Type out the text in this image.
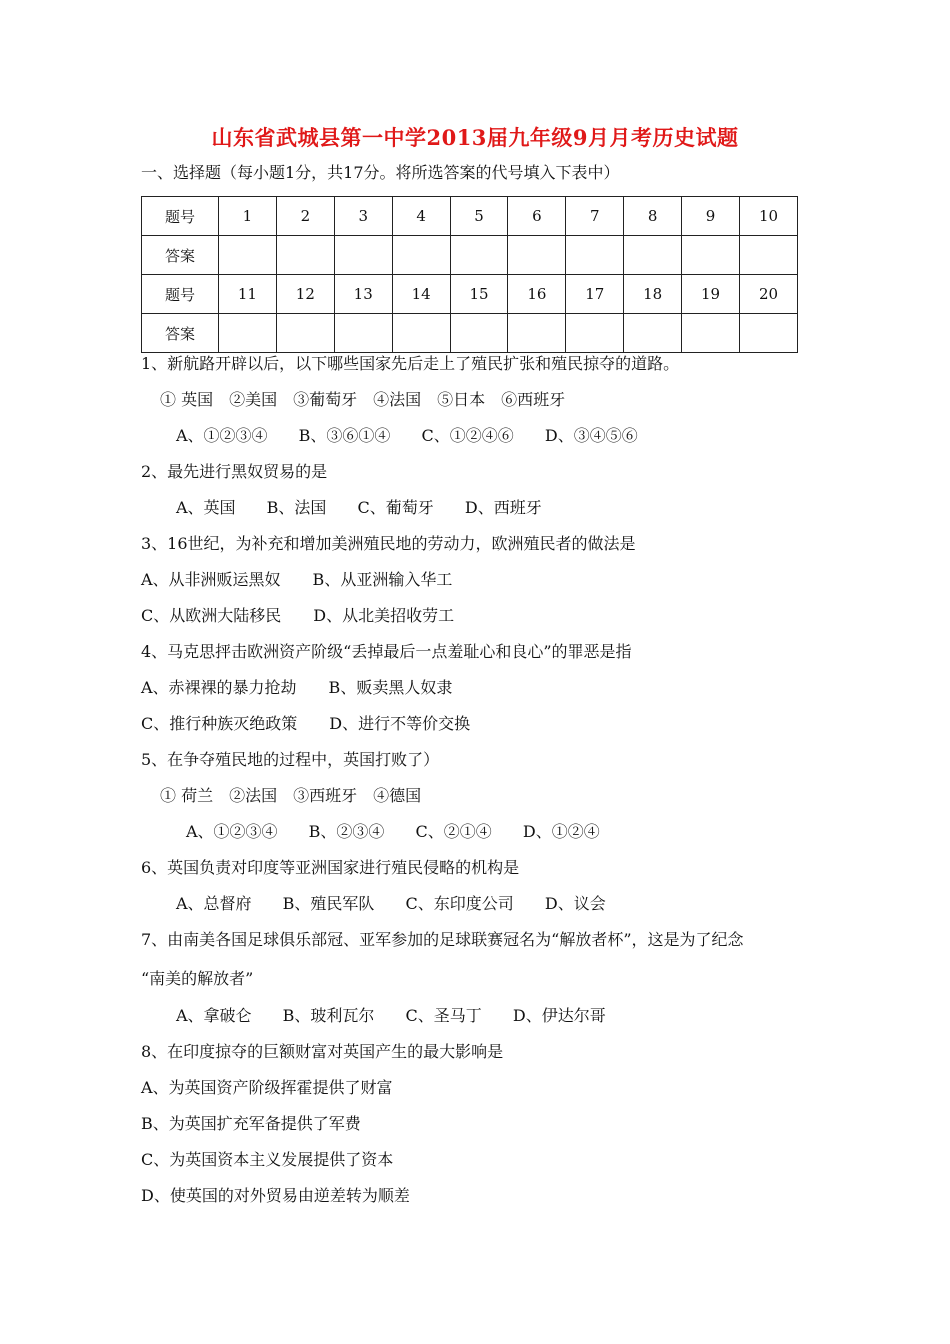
山东省武城县第一中学2013届九年级9月月考历史试题
一、选择题（每小题1分，共17分。将所选答案的代号填入下表中）
题号	1	2	3	4	5	6	7	8	9	10
答案										
题号	11	12	13	14	15	16	17	18	19	20
答案										
1、新航路开辟以后，以下哪些国家先后走上了殖民扩张和殖民掠夺的道路。
① 英国　②美国　③葡萄牙　④法国　⑤日本　⑥西班牙
A、①②③④ B、③⑥①④ C、①②④⑥ D、③④⑤⑥
2、最先进行黑奴贸易的是
A、英国 B、法国 C、葡萄牙 D、西班牙
3、16世纪，为补充和增加美洲殖民地的劳动力，欧洲殖民者的做法是
A、从非洲贩运黑奴　　B、从亚洲输入华工
C、从欧洲大陆移民　　D、从北美招收劳工
4、马克思抨击欧洲资产阶级“丢掉最后一点羞耻心和良心”的罪恶是指
A、赤裸裸的暴力抢劫　　B、贩卖黑人奴隶
C、推行种族灭绝政策　　D、进行不等价交换
5、在争夺殖民地的过程中，英国打败了）
① 荷兰　②法国　③西班牙　④德国
A、①②③④ B、②③④ C、②①④ D、①②④
6、英国负责对印度等亚洲国家进行殖民侵略的机构是
A、总督府 B、殖民军队 C、东印度公司 D、议会
7、由南美各国足球俱乐部冠、亚军参加的足球联赛冠名为“解放者杯”，这是为了纪念
“南美的解放者”
A、拿破仑 B、玻利瓦尔 C、圣马丁 D、伊达尔哥
8、在印度掠夺的巨额财富对英国产生的最大影响是
A、为英国资产阶级挥霍提供了财富
B、为英国扩充军备提供了军费
C、为英国资本主义发展提供了资本
D、使英国的对外贸易由逆差转为顺差
